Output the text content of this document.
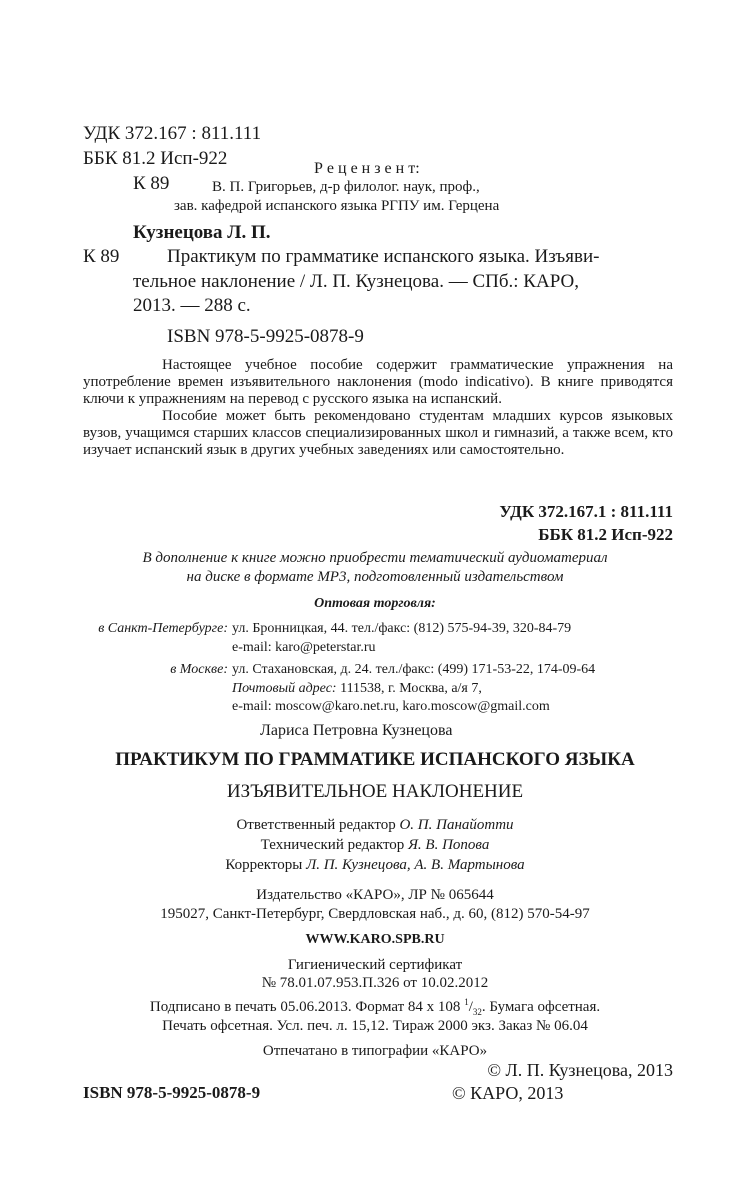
УДК 372.167 : 811.111
ББК 81.2 Исп-922
К 89
Р е ц е н з е н т:
В. П. Григорьев, д-р филолог. наук, проф.,
зав. кафедрой испанского языка РГПУ им. Герцена
Кузнецова Л. П.
К 89	Практикум по грамматике испанского языка. Изъяви-
тельное наклонение / Л. П. Кузнецова. — СПб.: КАРО,
2013. — 288 с.
ISBN 978-5-9925-0878-9

Настоящее учебное пособие содержит грамматические упражнения на употребление времен изъявительного наклонения (modo indicativo). В книге приводятся ключи к упражнениям на перевод с русского языка на испанский.

Пособие может быть рекомендовано студентам младших курсов языковых вузов, учащимся старших классов специализированных школ и гимназий, а также всем, кто изучает испанский язык в других учебных заведениях или самостоятельно.

УДК 372.167.1 : 811.111
ББК 81.2 Исп-922
В дополнение к книге можно приобрести тематический аудиоматериал
на диске в формате МР3, подготовленный издательством
Оптовая торговля:
в Санкт-Петербурге: ул. Бронницкая, 44. тел./факс: (812) 575-94-39, 320-84-79
e-mail: karo@peterstar.ru
в Москве: ул. Стахановская, д. 24. тел./факс: (499) 171-53-22, 174-09-64
Почтовый адрес: 111538, г. Москва, а/я 7,
e-mail: moscow@karo.net.ru, karo.moscow@gmail.com
Лариса Петровна Кузнецова
ПРАКТИКУМ ПО ГРАММАТИКЕ ИСПАНСКОГО ЯЗЫКА
ИЗЪЯВИТЕЛЬНОЕ НАКЛОНЕНИЕ
Ответственный редактор О. П. Панайотти
Технический редактор Я. В. Попова
Корректоры Л. П. Кузнецова, А. В. Мартынова
Издательство «КАРО», ЛР № 065644
195027, Санкт-Петербург, Свердловская наб., д. 60, (812) 570-54-97
WWW.KARO.SPB.RU
Гигиенический сертификат
№ 78.01.07.953.П.326 от 10.02.2012
Подписано в печать 05.06.2013. Формат 84 х 108 $^1/_{32}$. Бумага офсетная.
Печать офсетная. Усл. печ. л. 15,12. Тираж 2000 экз. Заказ № 06.04
Отпечатано в типографии «КАРО»
© Л. П. Кузнецова, 2013
ISBN 978-5-9925-0878-9	© КАРО, 2013
